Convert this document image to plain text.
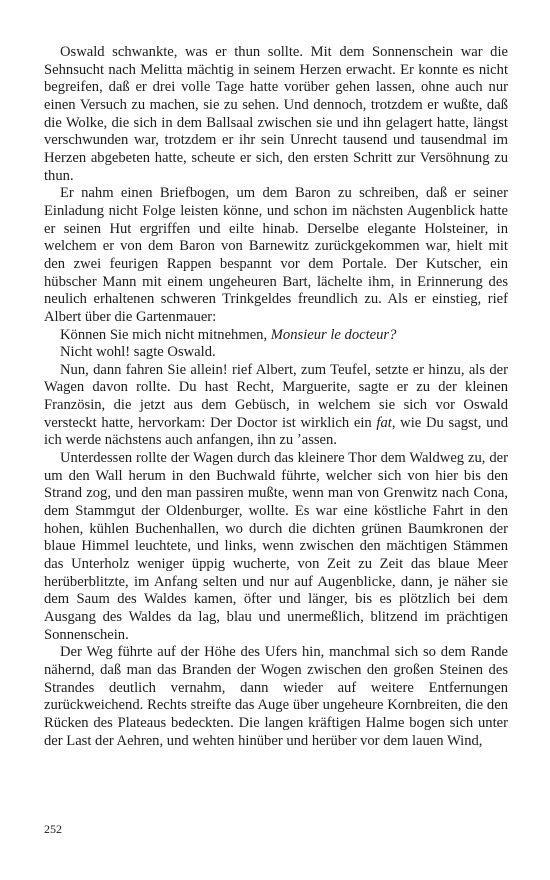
Oswald schwankte, was er thun sollte. Mit dem Sonnenschein war die Sehnsucht nach Melitta mächtig in seinem Herzen erwacht. Er konnte es nicht begreifen, daß er drei volle Tage hatte vorüber gehen lassen, ohne auch nur einen Versuch zu machen, sie zu sehen. Und dennoch, trotzdem er wußte, daß die Wolke, die sich in dem Ballsaal zwischen sie und ihn gelagert hatte, längst verschwunden war, trotzdem er ihr sein Unrecht tausend und tausendmal im Herzen abgebeten hatte, scheute er sich, den ersten Schritt zur Versöhnung zu thun.

Er nahm einen Briefbogen, um dem Baron zu schreiben, daß er seiner Einladung nicht Folge leisten könne, und schon im nächsten Augenblick hatte er seinen Hut ergriffen und eilte hinab. Derselbe elegante Holsteiner, in welchem er von dem Baron von Barnewitz zurückgekommen war, hielt mit den zwei feurigen Rappen bespannt vor dem Portale. Der Kutscher, ein hübscher Mann mit einem ungeheuren Bart, lächelte ihm, in Erinnerung des neulich erhaltenen schweren Trinkgeldes freundlich zu. Als er einstieg, rief Albert über die Gartenmauer:

Können Sie mich nicht mitnehmen, Monsieur le docteur?

Nicht wohl! sagte Oswald.

Nun, dann fahren Sie allein! rief Albert, zum Teufel, setzte er hinzu, als der Wagen davon rollte. Du hast Recht, Marguerite, sagte er zu der kleinen Französin, die jetzt aus dem Gebüsch, in welchem sie sich vor Oswald versteckt hatte, hervorkam: Der Doctor ist wirklich ein fat, wie Du sagst, und ich werde nächstens auch anfangen, ihn zu ʼassen.

Unterdessen rollte der Wagen durch das kleinere Thor dem Waldweg zu, der um den Wall herum in den Buchwald führte, welcher sich von hier bis den Strand zog, und den man passiren mußte, wenn man von Grenwitz nach Cona, dem Stammgut der Oldenburger, wollte. Es war eine köstliche Fahrt in den hohen, kühlen Buchenhallen, wo durch die dichten grünen Baumkronen der blaue Himmel leuchtete, und links, wenn zwischen den mächtigen Stämmen das Unterholz weniger üppig wucherte, von Zeit zu Zeit das blaue Meer herüberblitzte, im Anfang selten und nur auf Augenblicke, dann, je näher sie dem Saum des Waldes kamen, öfter und länger, bis es plötzlich bei dem Ausgang des Waldes da lag, blau und unermeßlich, blitzend im prächtigen Sonnenschein.

Der Weg führte auf der Höhe des Ufers hin, manchmal sich so dem Rande nähernd, daß man das Branden der Wogen zwischen den großen Steinen des Strandes deutlich vernahm, dann wieder auf weitere Entfernungen zurückweichend. Rechts streifte das Auge über ungeheure Kornbreiten, die den Rücken des Plateaus bedeckten. Die langen kräftigen Halme bogen sich unter der Last der Aehren, und wehten hinüber und herüber vor dem lauen Wind,

252
